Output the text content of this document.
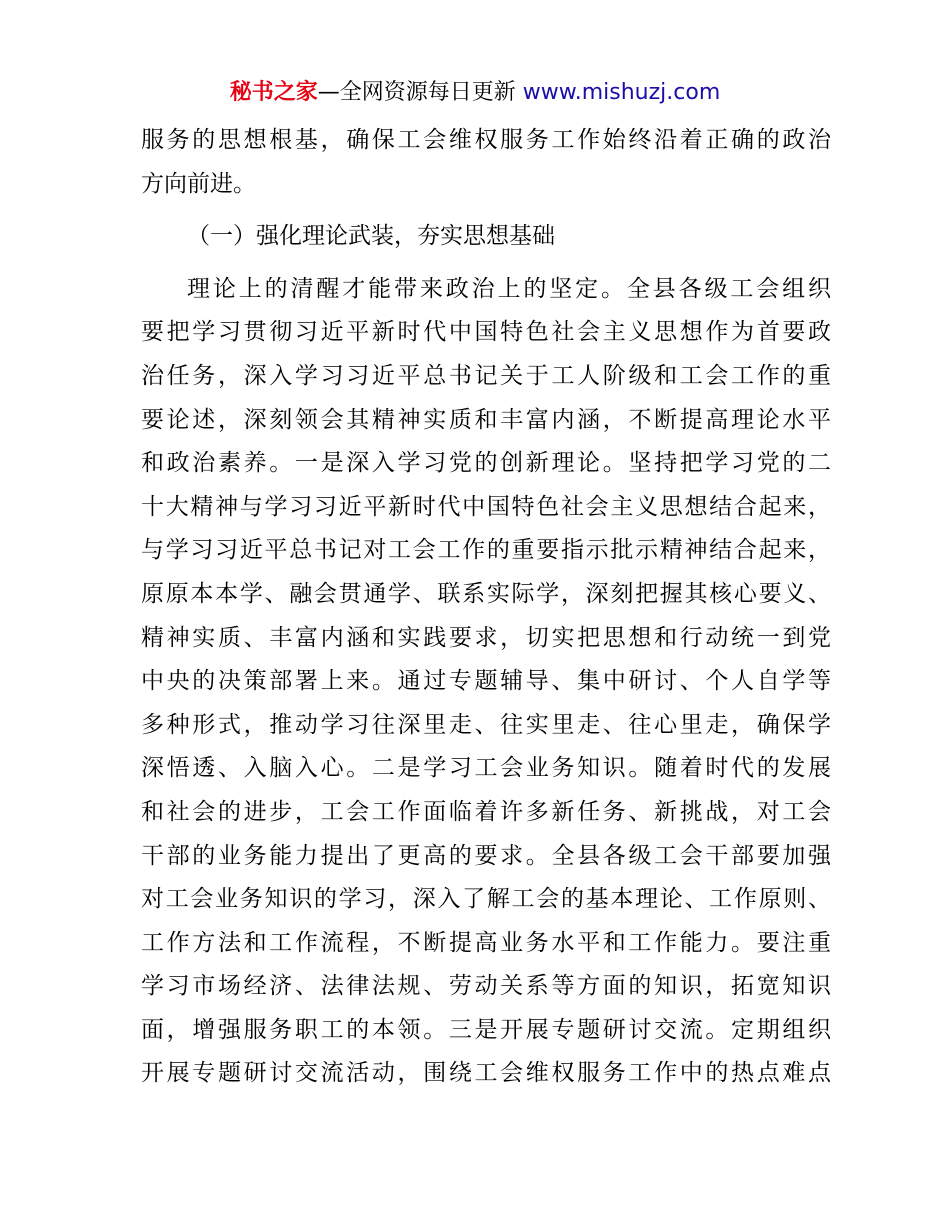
秘书之家—全网资源每日更新 www.mishuzj.com
服务的思想根基，确保工会维权服务工作始终沿着正确的政治
方向前进。
（一）强化理论武装，夯实思想基础
理论上的清醒才能带来政治上的坚定。全县各级工会组织
要把学习贯彻习近平新时代中国特色社会主义思想作为首要政
治任务，深入学习习近平总书记关于工人阶级和工会工作的重
要论述，深刻领会其精神实质和丰富内涵，不断提高理论水平
和政治素养。一是深入学习党的创新理论。坚持把学习党的二
十大精神与学习习近平新时代中国特色社会主义思想结合起来，
与学习习近平总书记对工会工作的重要指示批示精神结合起来，
原原本本学、融会贯通学、联系实际学，深刻把握其核心要义、
精神实质、丰富内涵和实践要求，切实把思想和行动统一到党
中央的决策部署上来。通过专题辅导、集中研讨、个人自学等
多种形式，推动学习往深里走、往实里走、往心里走，确保学
深悟透、入脑入心。二是学习工会业务知识。随着时代的发展
和社会的进步，工会工作面临着许多新任务、新挑战，对工会
干部的业务能力提出了更高的要求。全县各级工会干部要加强
对工会业务知识的学习，深入了解工会的基本理论、工作原则、
工作方法和工作流程，不断提高业务水平和工作能力。要注重
学习市场经济、法律法规、劳动关系等方面的知识，拓宽知识
面，增强服务职工的本领。三是开展专题研讨交流。定期组织
开展专题研讨交流活动，围绕工会维权服务工作中的热点难点
